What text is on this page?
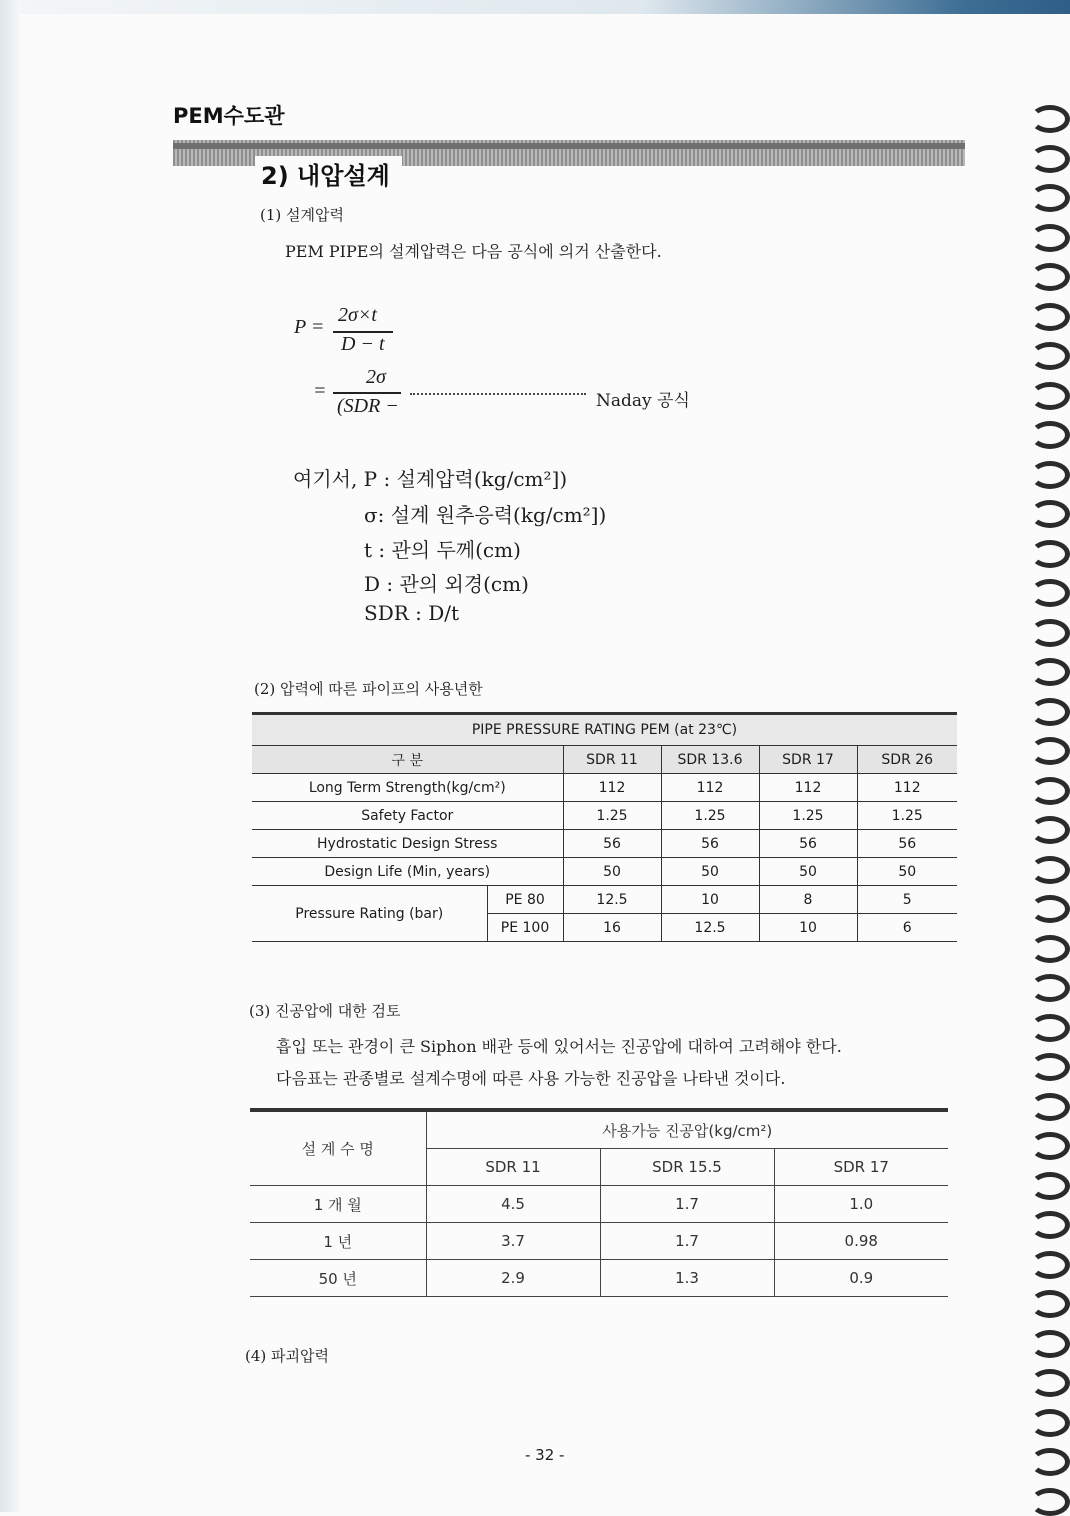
PEM수도관
2) 내압설계
(1) 설계압력
PEM PIPE의 설계압력은 다음 공식에 의거 산출한다.
P =
2σ×t
D − t
=
2σ
(SDR −	Naday 공식
여기서, P : 설계압력(kg/cm²])
σ: 설계 원추응력(kg/cm²])
t : 관의 두께(cm)
D : 관의 외경(cm)
SDR : D/t
(2) 압력에 따른 파이프의 사용년한
PIPE PRESSURE RATING PEM (at 23℃)					
구 분		SDR 11	SDR 13.6	SDR 17	SDR 26
Long Term Strength(kg/cm²)		112	112	112	112
Safety Factor		1.25	1.25	1.25	1.25
Hydrostatic Design Stress		56	56	56	56
Design Life (Min, years)		50	50	50	50
Pressure Rating (bar)	PE 80	12.5	10	8	5
	PE 100	16	12.5	10	6
(3) 진공압에 대한 검토
흡입 또는 관경이 큰 Siphon 배관 등에 있어서는 진공압에 대하여 고려해야 한다.
다음표는 관종별로 설계수명에 따른 사용 가능한 진공압을 나타낸 것이다.
설 계 수 명	사용가능 진공압(kg/cm²)		
	SDR 11	SDR 15.5	SDR 17
1 개 월	4.5	1.7	1.0
1 년	3.7	1.7	0.98
50 년	2.9	1.3	0.9
(4) 파괴압력
- 32 -
